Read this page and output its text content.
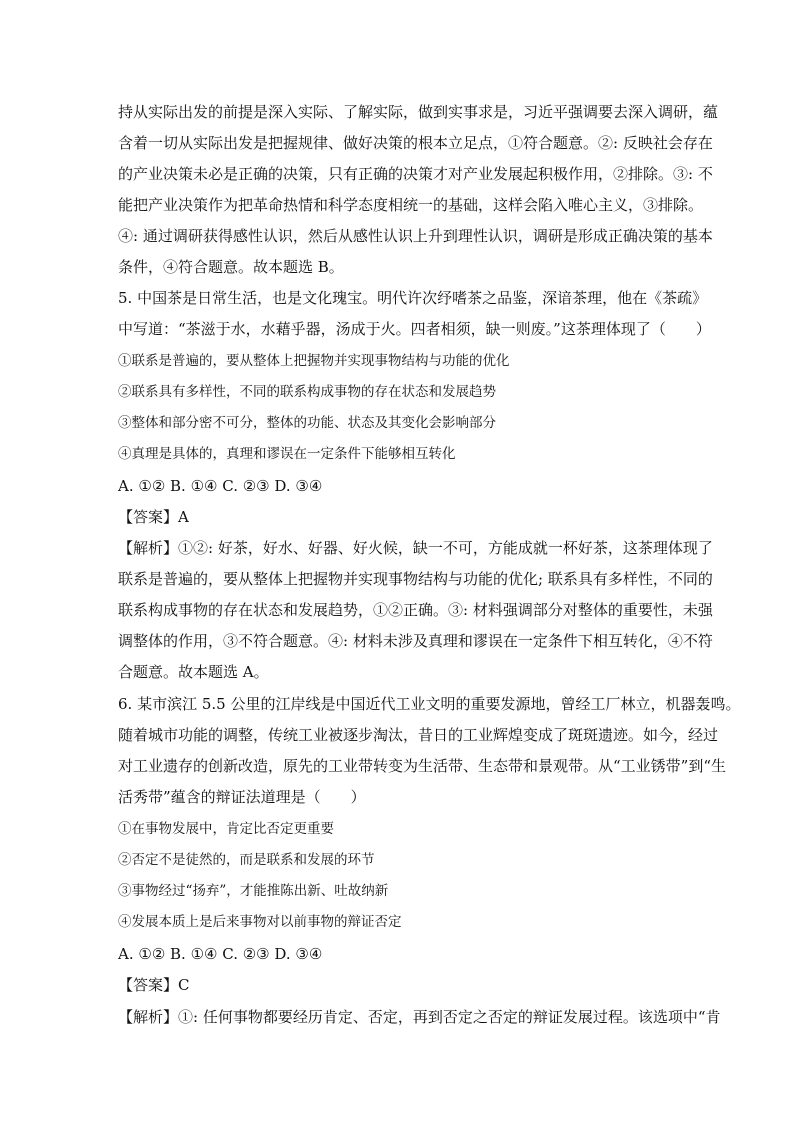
持从实际出发的前提是深入实际、了解实际，做到实事求是，习近平强调要去深入调研，蕴
含着一切从实际出发是把握规律、做好决策的根本立足点，①符合题意。②: 反映社会存在
的产业决策未必是正确的决策，只有正确的决策才对产业发展起积极作用，②排除。③: 不
能把产业决策作为把革命热情和科学态度相统一的基础，这样会陷入唯心主义，③排除。
④: 通过调研获得感性认识，然后从感性认识上升到理性认识，调研是形成正确决策的基本
条件，④符合题意。故本题选 B。
5. 中国茶是日常生活，也是文化瑰宝。明代许次纾嗜茶之品鉴，深谙茶理，他在《茶疏》
中写道：“茶滋于水，水藉乎器，汤成于火。四者相须，缺一则废。”这茶理体现了（　　）
①联系是普遍的，要从整体上把握物并实现事物结构与功能的优化
②联系具有多样性，不同的联系构成事物的存在状态和发展趋势
③整体和部分密不可分，整体的功能、状态及其变化会影响部分
④真理是具体的，真理和谬误在一定条件下能够相互转化
A. ①② B. ①④ C. ②③ D. ③④
【答案】A
【解析】①②: 好茶，好水、好器、好火候，缺一不可，方能成就一杯好茶，这茶理体现了
联系是普遍的，要从整体上把握物并实现事物结构与功能的优化; 联系具有多样性，不同的
联系构成事物的存在状态和发展趋势，①②正确。③: 材料强调部分对整体的重要性，未强
调整体的作用，③不符合题意。④: 材料未涉及真理和谬误在一定条件下相互转化，④不符
合题意。故本题选 A。
6. 某市滨江 5.5 公里的江岸线是中国近代工业文明的重要发源地，曾经工厂林立，机器轰鸣。
随着城市功能的调整，传统工业被逐步淘汰，昔日的工业辉煌变成了斑斑遗迹。如今，经过
对工业遗存的创新改造，原先的工业带转变为生活带、生态带和景观带。从“工业锈带”到“生
活秀带”蕴含的辩证法道理是（　　）
①在事物发展中，肯定比否定更重要
②否定不是徒然的，而是联系和发展的环节
③事物经过“扬弃”，才能推陈出新、吐故纳新
④发展本质上是后来事物对以前事物的辩证否定
A. ①② B. ①④ C. ②③ D. ③④
【答案】C
【解析】①: 任何事物都要经历肯定、否定，再到否定之否定的辩证发展过程。该选项中“肯
